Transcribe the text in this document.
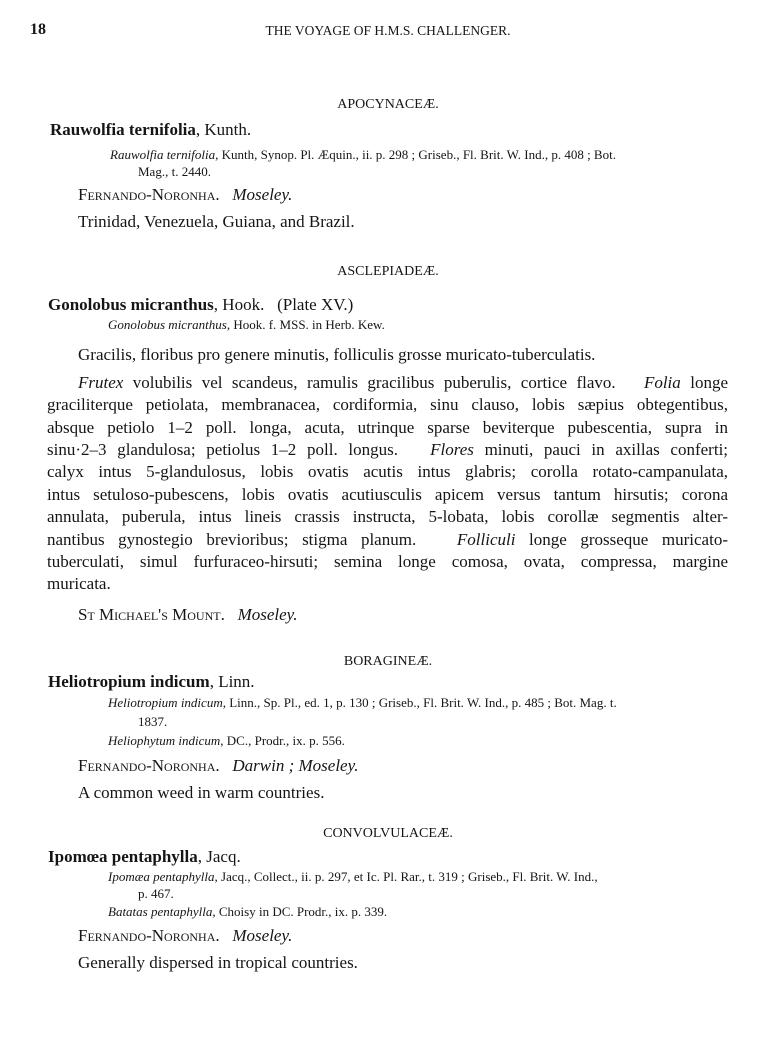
18	THE VOYAGE OF H.M.S. CHALLENGER.
APOCYNACEÆ.
Rauwolfia ternifolia, Kunth.
Rauwolfia ternifolia, Kunth, Synop. Pl. Æquin., ii. p. 298 ; Griseb., Fl. Brit. W. Ind., p. 408 ; Bot.
Mag., t. 2440.
Fernando-Noronha. Moseley.
Trinidad, Venezuela, Guiana, and Brazil.
ASCLEPIADEÆ.
Gonolobus micranthus, Hook. (Plate XV.)
Gonolobus micranthus, Hook. f. MSS. in Herb. Kew.
Gracilis, floribus pro genere minutis, folliculis grosse muricato-tuberculatis.
Frutex volubilis vel scandeus, ramulis gracilibus puberulis, cortice flavo. Folia longe
graciliterque petiolata, membranacea, cordiformia, sinu clauso, lobis sæpius obtegentibus,
absque petiolo 1–2 poll. longa, acuta, utrinque sparse beviterque pubescentia, supra in
sinu·2–3 glandulosa; petiolus 1–2 poll. longus. Flores minuti, pauci in axillas conferti;
calyx intus 5-glandulosus, lobis ovatis acutis intus glabris; corolla rotato-campanulata,
intus setuloso-pubescens, lobis ovatis acutiusculis apicem versus tantum hirsutis; corona
annulata, puberula, intus lineis crassis instructa, 5-lobata, lobis corollæ segmentis alter-
nantibus gynostegio brevioribus; stigma planum. Folliculi longe grosseque muricato-
tuberculati, simul furfuraceo-hirsuti; semina longe comosa, ovata, compressa, margine
muricata.
St Michael's Mount. Moseley.
BORAGINEÆ.
Heliotropium indicum, Linn.
Heliotropium indicum, Linn., Sp. Pl., ed. 1, p. 130 ; Griseb., Fl. Brit. W. Ind., p. 485 ; Bot. Mag. t.
1837.
Heliophytum indicum, DC., Prodr., ix. p. 556.
Fernando-Noronha. Darwin ; Moseley.
A common weed in warm countries.
CONVOLVULACEÆ.
Ipomœa pentaphylla, Jacq.
Ipomæa pentaphylla, Jacq., Collect., ii. p. 297, et Ic. Pl. Rar., t. 319 ; Griseb., Fl. Brit. W. Ind.,
p. 467.
Batatas pentaphylla, Choisy in DC. Prodr., ix. p. 339.
Fernando-Noronha. Moseley.
Generally dispersed in tropical countries.
